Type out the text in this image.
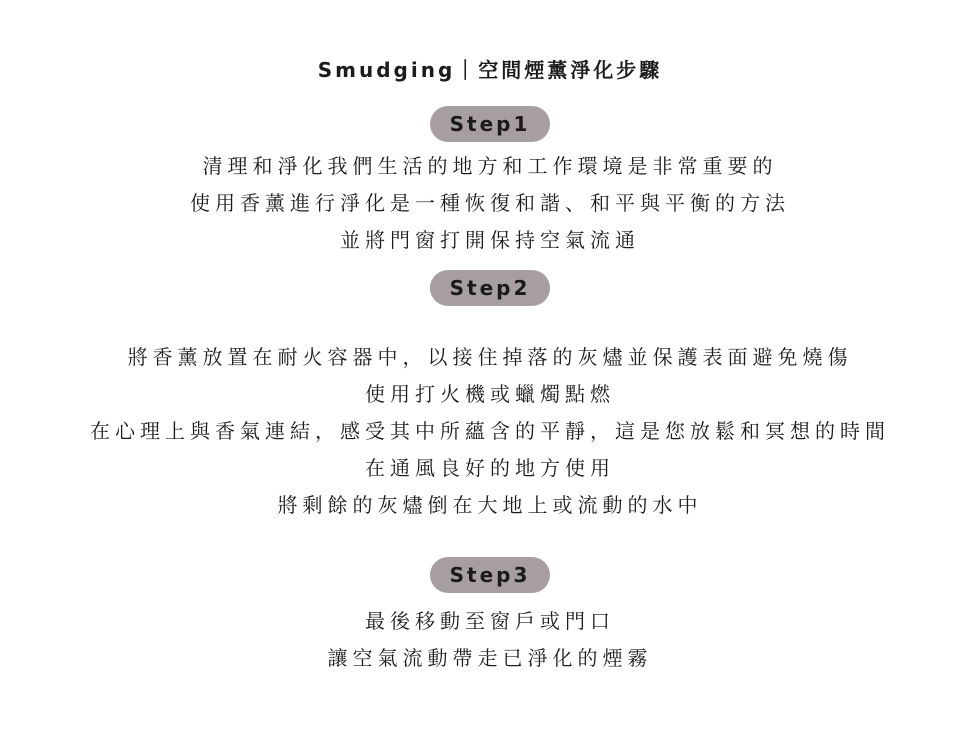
Smudging｜空間煙薰淨化步驟
Step1
清理和淨化我們生活的地方和工作環境是非常重要的
使用香薰進行淨化是一種恢復和諧、和平與平衡的方法
並將門窗打開保持空氣流通
Step2
將香薰放置在耐火容器中，以接住掉落的灰燼並保護表面避免燒傷
使用打火機或蠟燭點燃
在心理上與香氣連結，感受其中所蘊含的平靜，這是您放鬆和冥想的時間
在通風良好的地方使用
將剩餘的灰燼倒在大地上或流動的水中
Step3
最後移動至窗戶或門口
讓空氣流動帶走已淨化的煙霧
